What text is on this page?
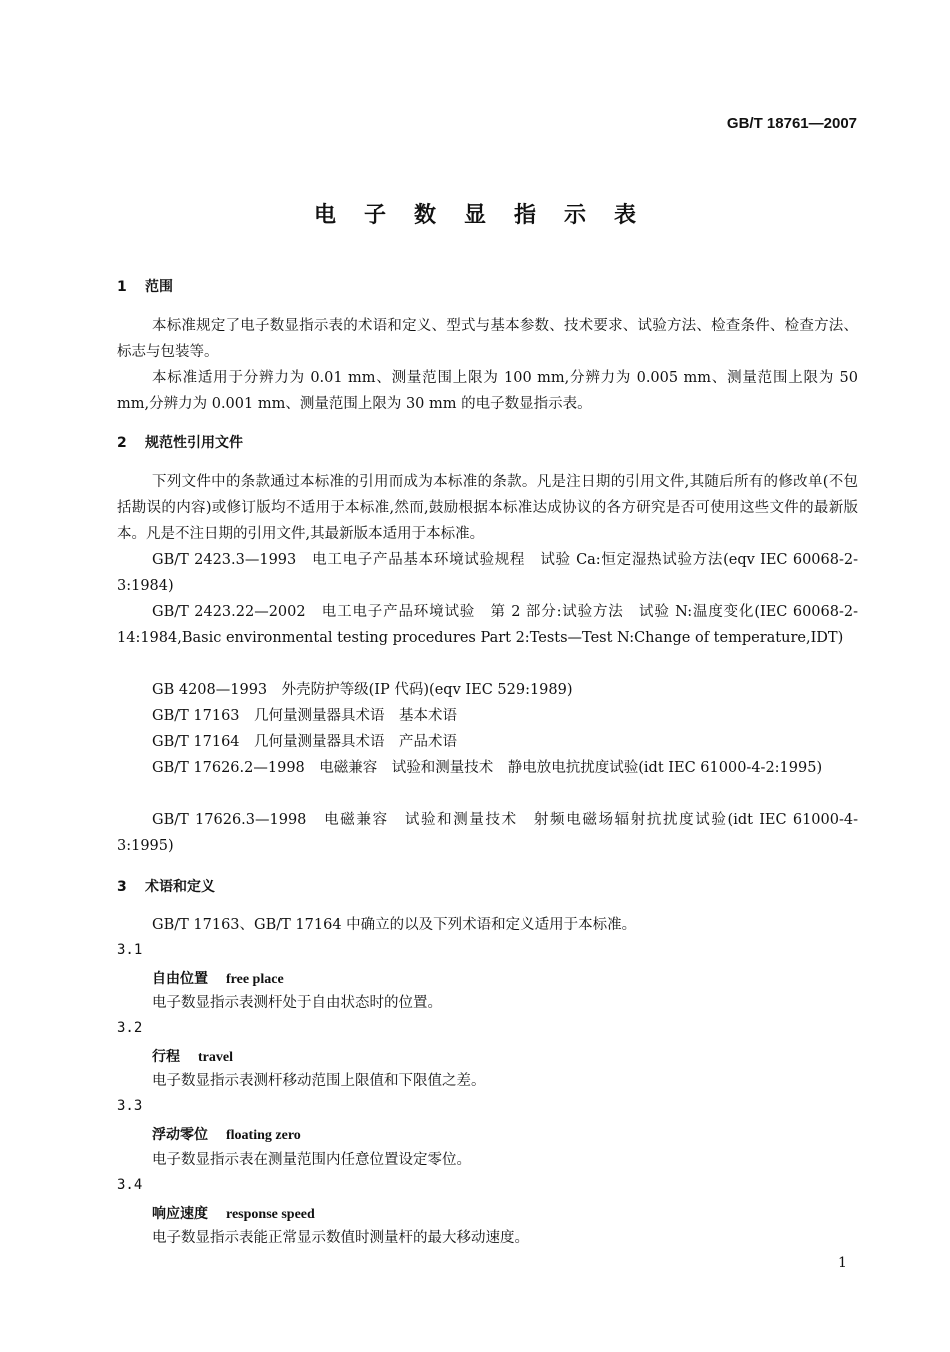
GB/T 18761—2007
电子数显指示表
1 范围
本标准规定了电子数显指示表的术语和定义、型式与基本参数、技术要求、试验方法、检查条件、检查方法、标志与包装等。
本标准适用于分辨力为 0.01 mm、测量范围上限为 100 mm,分辨力为 0.005 mm、测量范围上限为 50 mm,分辨力为 0.001 mm、测量范围上限为 30 mm 的电子数显指示表。
2 规范性引用文件
下列文件中的条款通过本标准的引用而成为本标准的条款。凡是注日期的引用文件,其随后所有的修改单(不包括勘误的内容)或修订版均不适用于本标准,然而,鼓励根据本标准达成协议的各方研究是否可使用这些文件的最新版本。凡是不注日期的引用文件,其最新版本适用于本标准。
GB/T 2423.3—1993　电工电子产品基本环境试验规程　试验 Ca:恒定湿热试验方法(eqv IEC 60068-2-3:1984)
GB/T 2423.22—2002　电工电子产品环境试验　第 2 部分:试验方法　试验 N:温度变化(IEC 60068-2-14:1984,Basic environmental testing procedures Part 2:Tests—Test N:Change of temperature,IDT)
GB 4208—1993　外壳防护等级(IP 代码)(eqv IEC 529:1989)
GB/T 17163　几何量测量器具术语　基本术语
GB/T 17164　几何量测量器具术语　产品术语
GB/T 17626.2—1998　电磁兼容　试验和测量技术　静电放电抗扰度试验(idt IEC 61000-4-2:1995)
GB/T 17626.3—1998　电磁兼容　试验和测量技术　射频电磁场辐射抗扰度试验(idt IEC 61000-4-3:1995)
3 术语和定义
GB/T 17163、GB/T 17164 中确立的以及下列术语和定义适用于本标准。
3.1
自由位置 free place
电子数显指示表测杆处于自由状态时的位置。
3.2
行程 travel
电子数显指示表测杆移动范围上限值和下限值之差。
3.3
浮动零位 floating zero
电子数显指示表在测量范围内任意位置设定零位。
3.4
响应速度 response speed
电子数显指示表能正常显示数值时测量杆的最大移动速度。
1
